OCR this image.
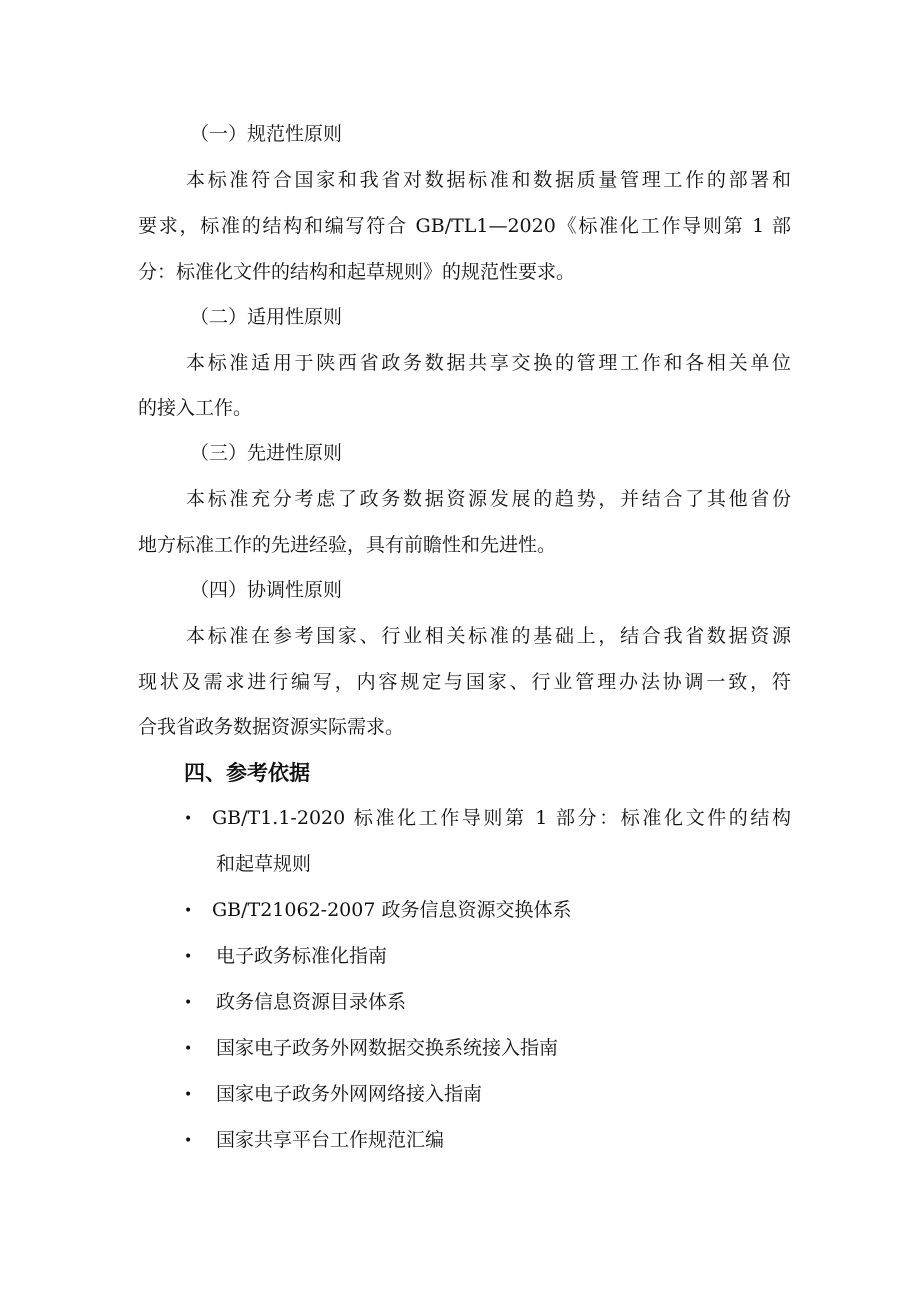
（一）规范性原则
本标准符合国家和我省对数据标准和数据质量管理工作的部署和
要求，标准的结构和编写符合 GB/TL1—2020《标准化工作导则第 1 部
分：标准化文件的结构和起草规则》的规范性要求。
（二）适用性原则
本标准适用于陕西省政务数据共享交换的管理工作和各相关单位
的接入工作。
（三）先进性原则
本标准充分考虑了政务数据资源发展的趋势，并结合了其他省份
地方标准工作的先进经验，具有前瞻性和先进性。
（四）协调性原则
本标准在参考国家、行业相关标准的基础上，结合我省数据资源
现状及需求进行编写，内容规定与国家、行业管理办法协调一致，符
合我省政务数据资源实际需求。
四、参考依据
• GB/T1.1-2020 标准化工作导则第 1 部分：标准化文件的结构
和起草规则
• GB/T21062-2007 政务信息资源交换体系
• 电子政务标准化指南
• 政务信息资源目录体系
• 国家电子政务外网数据交换系统接入指南
• 国家电子政务外网网络接入指南
• 国家共享平台工作规范汇编
